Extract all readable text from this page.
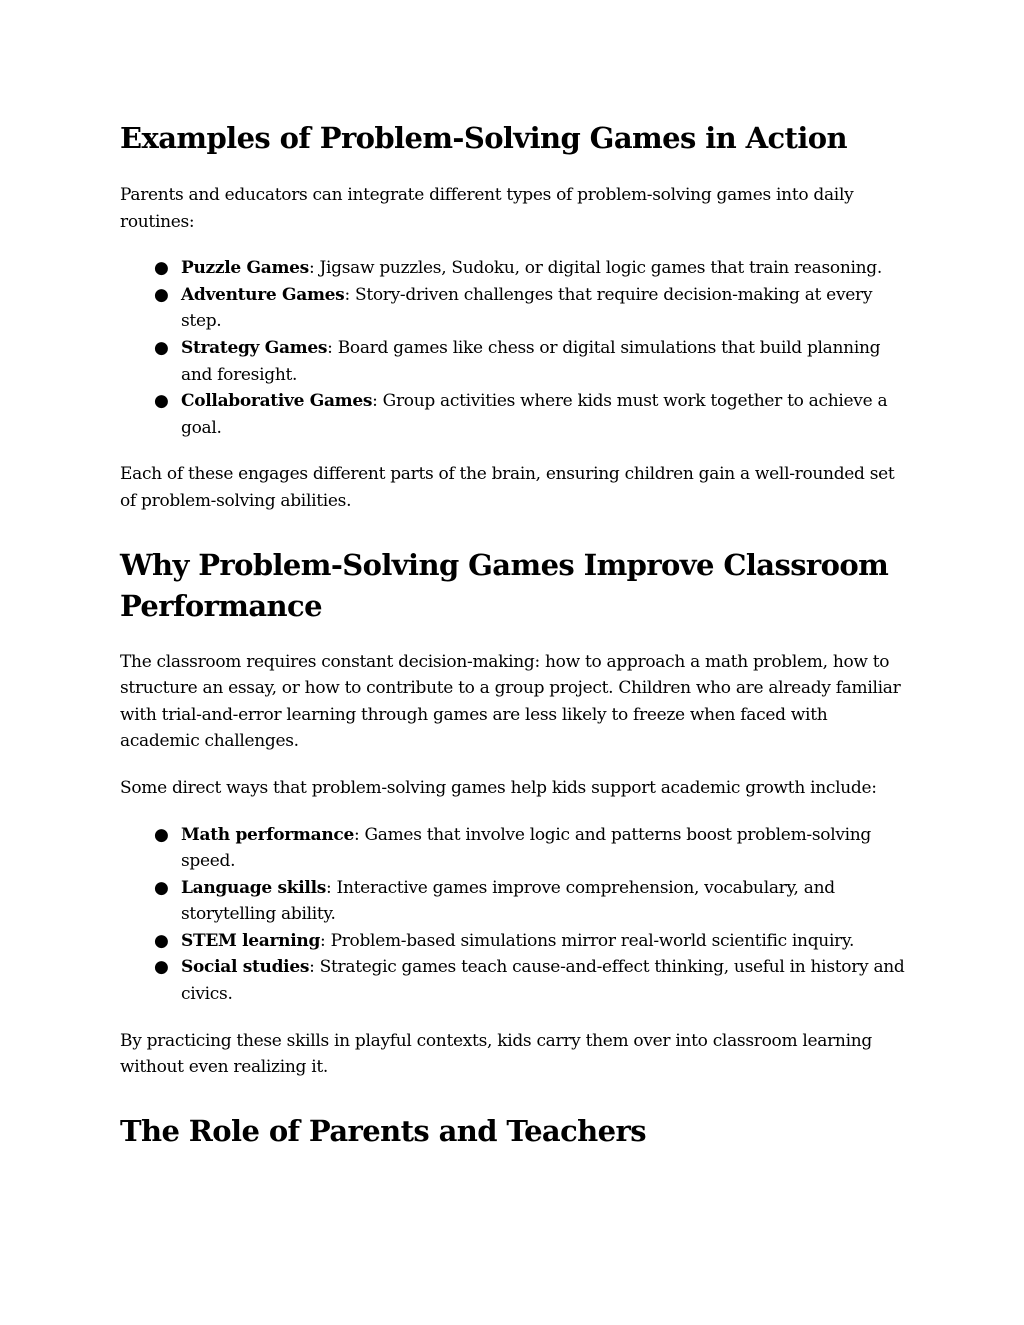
Examples of Problem-Solving Games in Action

Parents and educators can integrate different types of problem-solving games into daily routines:

● Puzzle Games: Jigsaw puzzles, Sudoku, or digital logic games that train reasoning.
● Adventure Games: Story-driven challenges that require decision-making at every step.
● Strategy Games: Board games like chess or digital simulations that build planning and foresight.
● Collaborative Games: Group activities where kids must work together to achieve a goal.

Each of these engages different parts of the brain, ensuring children gain a well-rounded set of problem-solving abilities.

Why Problem-Solving Games Improve Classroom Performance

The classroom requires constant decision-making: how to approach a math problem, how to structure an essay, or how to contribute to a group project. Children who are already familiar with trial-and-error learning through games are less likely to freeze when faced with academic challenges.

Some direct ways that problem-solving games help kids support academic growth include:

● Math performance: Games that involve logic and patterns boost problem-solving speed.
● Language skills: Interactive games improve comprehension, vocabulary, and storytelling ability.
● STEM learning: Problem-based simulations mirror real-world scientific inquiry.
● Social studies: Strategic games teach cause-and-effect thinking, useful in history and civics.

By practicing these skills in playful contexts, kids carry them over into classroom learning without even realizing it.

The Role of Parents and Teachers
